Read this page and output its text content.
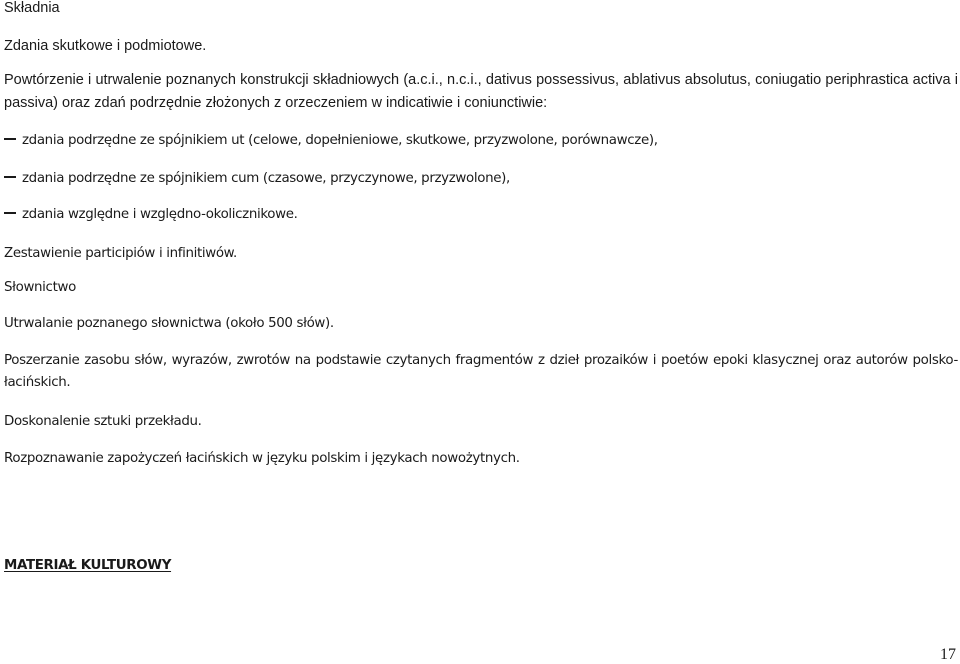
Składnia
Zdania skutkowe i podmiotowe.
Powtórzenie i utrwalenie poznanych konstrukcji składniowych (a.c.i., n.c.i., dativus possessivus, ablativus absolutus, coniugatio periphrastica activa i passiva) oraz zdań podrzędnie złożonych z orzeczeniem w indicatiwie i coniunctiwie:
zdania podrzędne ze spójnikiem ut (celowe, dopełnieniowe, skutkowe, przyzwolone, porównawcze),
zdania podrzędne ze spójnikiem cum (czasowe, przyczynowe, przyzwolone),
zdania względne i względno-okolicznikowe.
Zestawienie participiów i infinitiwów.
Słownictwo
Utrwalanie poznanego słownictwa (około 500 słów).
Poszerzanie zasobu słów, wyrazów, zwrotów na podstawie czytanych fragmentów z dzieł prozaików i poetów epoki klasycznej oraz autorów polsko-łacińskich.
Doskonalenie sztuki przekładu.
Rozpoznawanie zapożyczeń łacińskich w języku polskim i językach nowożytnych.
MATERIAŁ KULTUROWY
17
